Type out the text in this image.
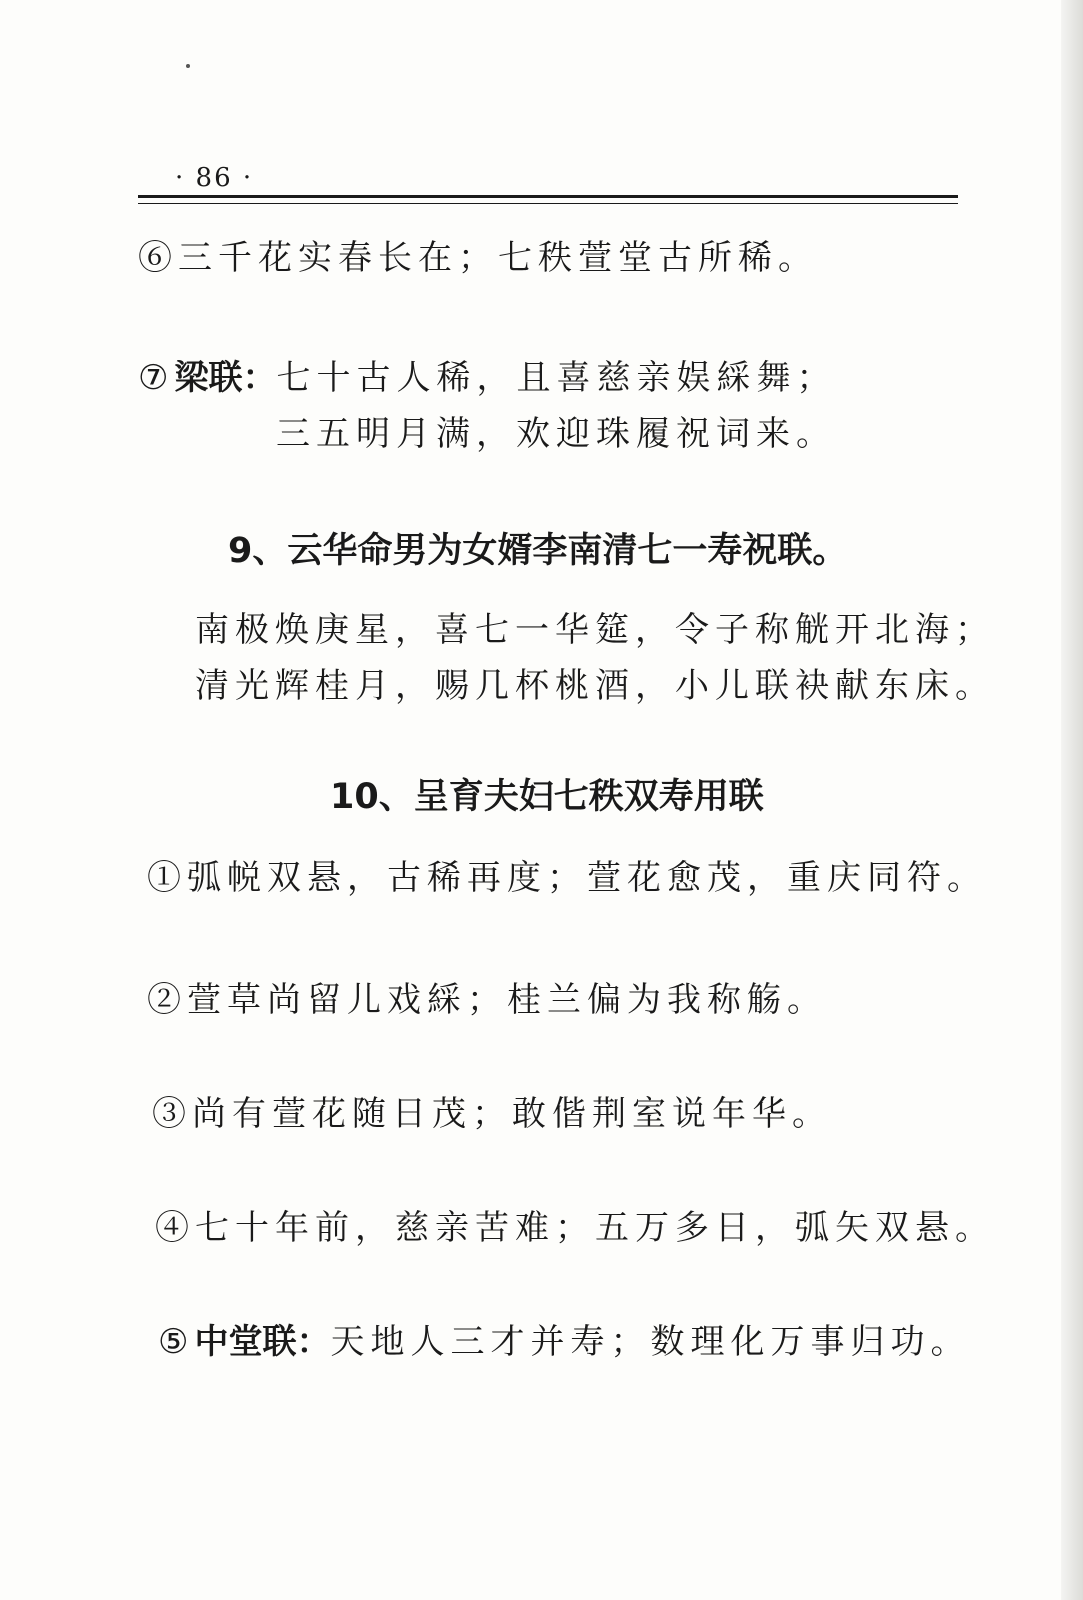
· 86 ·
⑥三千花实春长在；七秩萱堂古所稀。
⑦梁联：七十古人稀，且喜慈亲娱綵舞；
三五明月满，欢迎珠履祝词来。
9、云华命男为女婿李南清七一寿祝联。
南极焕庚星，喜七一华筵，令子称觥开北海；
清光辉桂月，赐几杯桃酒，小儿联袂献东床。
10、呈育夫妇七秩双寿用联
①弧帨双悬，古稀再度；萱花愈茂，重庆同符。
②萱草尚留儿戏綵；桂兰偏为我称觞。
③尚有萱花随日茂；敢偕荆室说年华。
④七十年前，慈亲苦难；五万多日，弧矢双悬。
⑤中堂联：天地人三才并寿；数理化万事归功。
